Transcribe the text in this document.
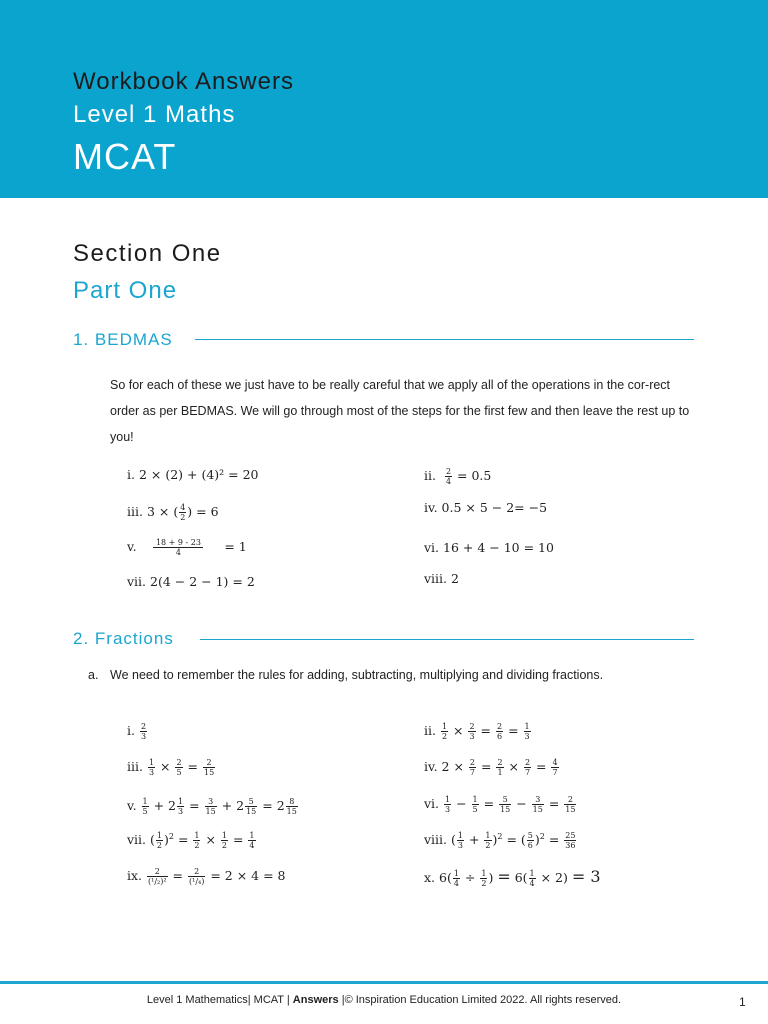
Workbook Answers
Level 1 Maths
MCAT
Section One
Part One
1. BEDMAS
So for each of these we just have to be really careful that we apply all of the operations in the cor-rect order as per BEDMAS. We will go through most of the steps for the first few and then leave the rest up to you!
i. 2 × (2) + (4)² = 20	ii. $\frac{2}{4} = 0.5$
iii. 3 × ( $\frac{4}{2}$ ) = 6	iv. 0.5 × 5 − 2= −5
v. $\frac{18 + 9 - 23}{4} = 1$	vi. 16 + 4 − 10 = 10
vii. 2(4 − 2 − 1) = 2	viii. 2
2. Fractions
a. We need to remember the rules for adding, subtracting, multiplying and dividing fractions.
i. $\frac{2}{3}$	ii. $\frac{1}{2} \times \frac{2}{3} = \frac{2}{6} = \frac{1}{3}$
iii. $\frac{1}{3} \times \frac{2}{5} = \frac{2}{15}$	iv. $2 \times \frac{2}{7} = \frac{2}{1} \times \frac{2}{7} = \frac{4}{7}$
v. $\frac{1}{5} + 2 \frac{1}{3} = \frac{3}{15} + 2 \frac{5}{15} = 2 \frac{8}{15}$	vi. $\frac{1}{3} - \frac{1}{5} = \frac{5}{15} - \frac{3}{15} = \frac{2}{15}$
vii. ( $\frac{1}{2} )^2 = \frac{1}{2} \times \frac{1}{2} = \frac{1}{4}$	viii. ( $\frac{1}{3} + \frac{1}{2} )^2$ = ( $\frac{5}{6} )^2 = \frac{25}{36}$
ix. $\frac{2}{\text{(¹/₂)²}} = \frac{2}{\text{(¹/₄)}} = 2 \times 4 = 8$	x. $6( \frac{1}{4} \div \frac{1}{2}$ ) = $6( \frac{1}{4} \times 2) = 3$
Level 1 Mathematics| MCAT | Answers |© Inspiration Education Limited 2022. All rights reserved.	1
